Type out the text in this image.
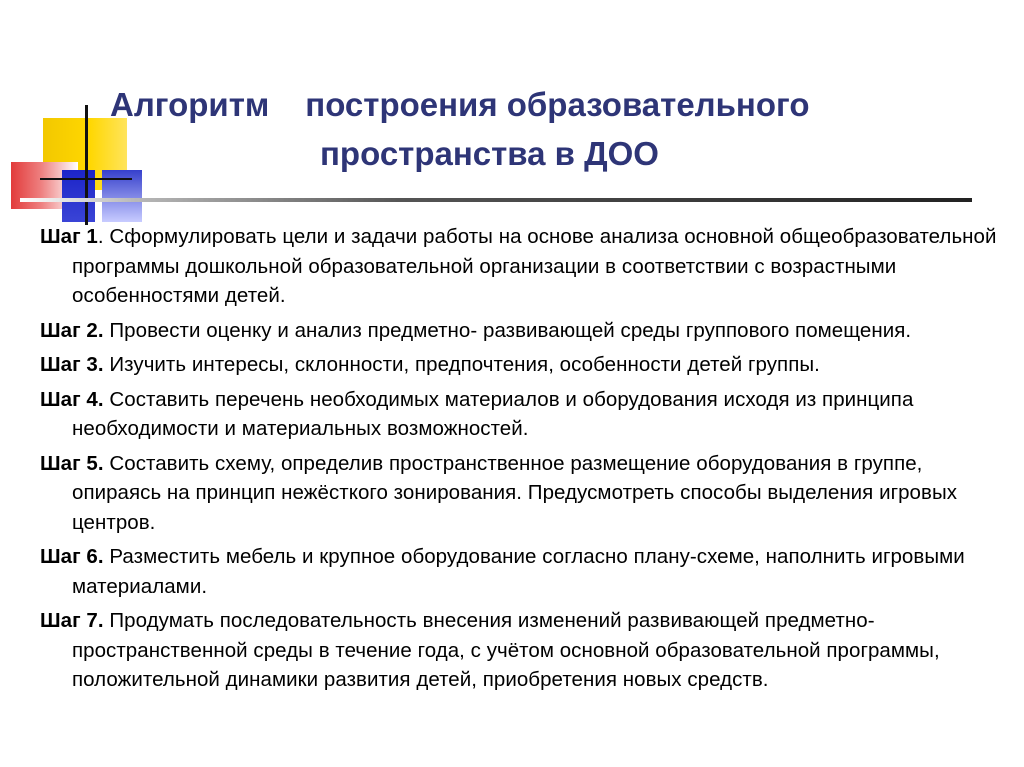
Алгоритм построения образовательного
пространства в ДОО
Шаг 1. Сформулировать цели и задачи работы на основе анализа основной общеобразовательной программы дошкольной образовательной организации в соответствии с возрастными особенностями детей.
Шаг 2. Провести оценку и анализ предметно- развивающей среды группового помещения.
Шаг 3. Изучить интересы, склонности, предпочтения, особенности детей группы.
Шаг 4. Составить перечень необходимых материалов и оборудования исходя из принципа необходимости и материальных возможностей.
Шаг 5. Составить схему, определив пространственное размещение оборудования в группе, опираясь на принцип нежёсткого зонирования. Предусмотреть способы выделения игровых центров.
Шаг 6. Разместить мебель и крупное оборудование согласно плану-схеме, наполнить игровыми материалами.
Шаг 7. Продумать последовательность внесения изменений развивающей предметно-пространственной среды в течение года, с учётом основной образовательной программы, положительной динамики развития детей, приобретения новых средств.
